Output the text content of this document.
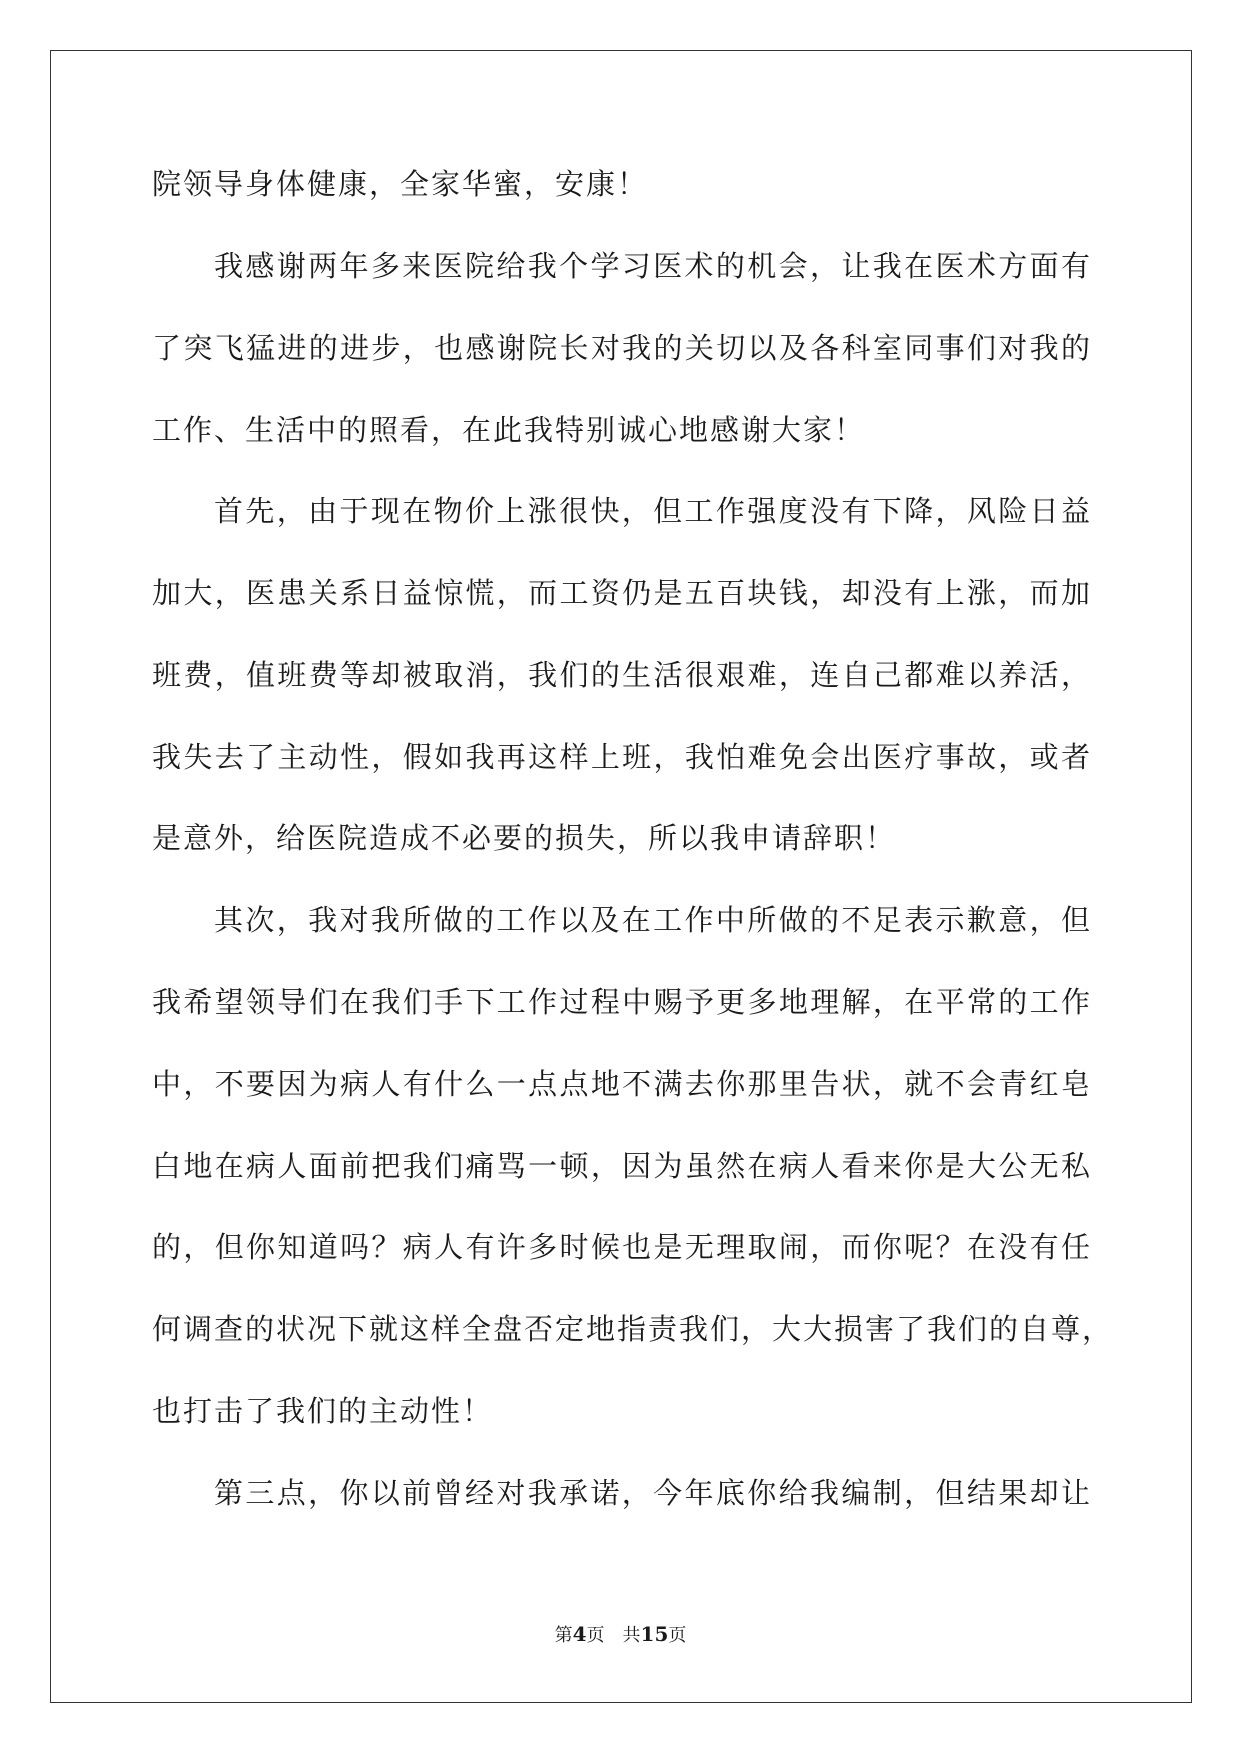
院领导身体健康，全家华蜜，安康！
我感谢两年多来医院给我个学习医术的机会，让我在医术方面有
了突飞猛进的进步，也感谢院长对我的关切以及各科室同事们对我的
工作、生活中的照看，在此我特别诚心地感谢大家！
首先，由于现在物价上涨很快，但工作强度没有下降，风险日益
加大，医患关系日益惊慌，而工资仍是五百块钱，却没有上涨，而加
班费，值班费等却被取消，我们的生活很艰难，连自己都难以养活，
我失去了主动性，假如我再这样上班，我怕难免会出医疗事故，或者
是意外，给医院造成不必要的损失，所以我申请辞职！
其次，我对我所做的工作以及在工作中所做的不足表示歉意，但
我希望领导们在我们手下工作过程中赐予更多地理解，在平常的工作
中，不要因为病人有什么一点点地不满去你那里告状，就不会青红皂
白地在病人面前把我们痛骂一顿，因为虽然在病人看来你是大公无私
的，但你知道吗？病人有许多时候也是无理取闹，而你呢？在没有任
何调查的状况下就这样全盘否定地指责我们，大大损害了我们的自尊，
也打击了我们的主动性！
第三点，你以前曾经对我承诺，今年底你给我编制，但结果却让
第4页 共15页
